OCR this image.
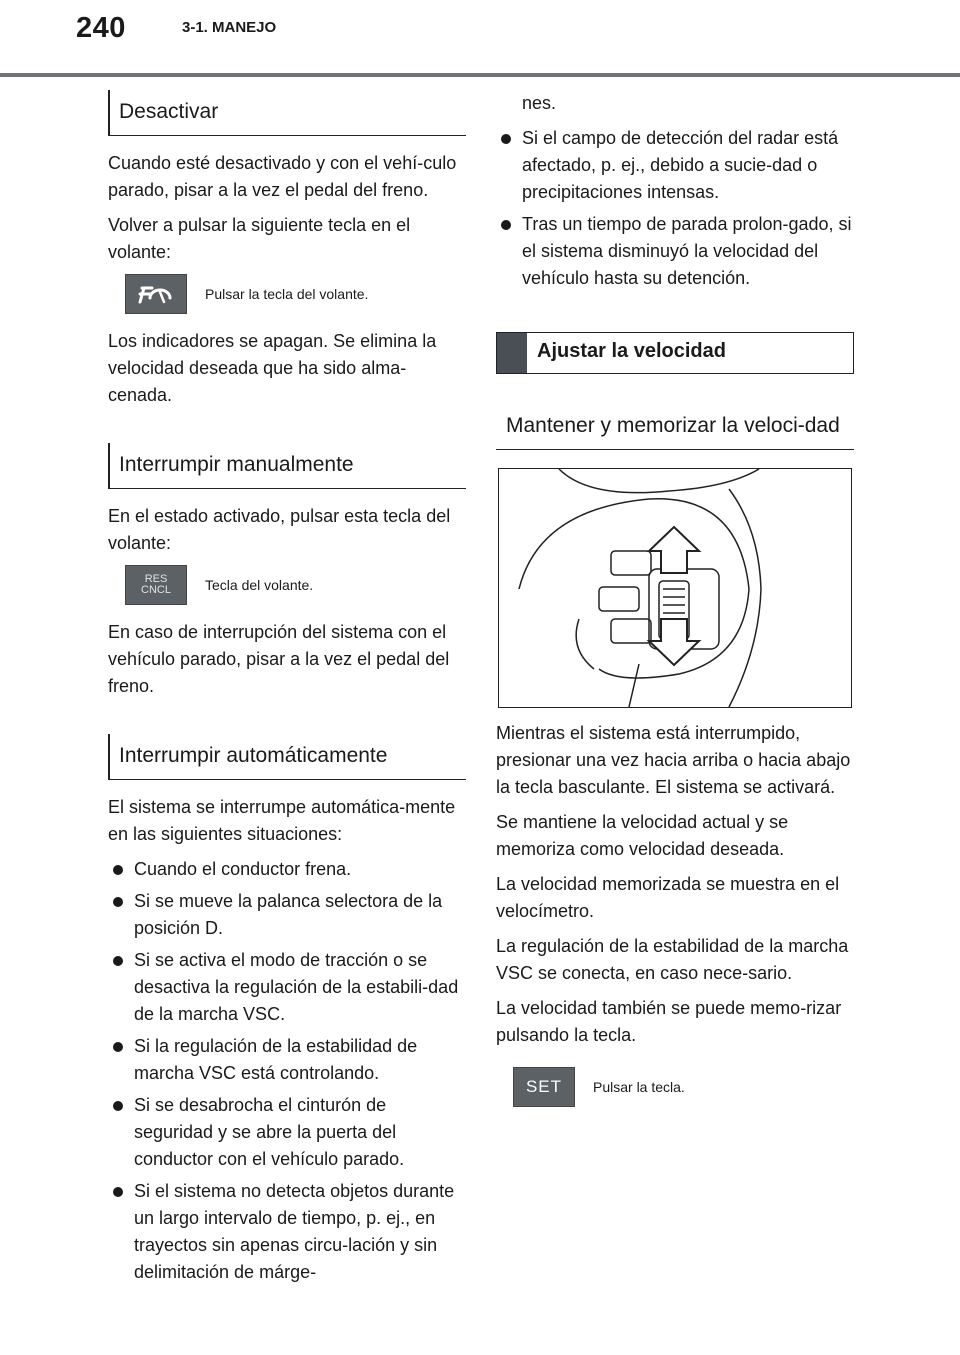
240	3-1. MANEJO
Desactivar

Cuando esté desactivado y con el vehí-culo parado, pisar a la vez el pedal del freno.

Volver a pulsar la siguiente tecla en el volante:

Pulsar la tecla del volante.

Los indicadores se apagan. Se elimina la velocidad deseada que ha sido alma-cenada.

Interrumpir manualmente

En el estado activado, pulsar esta tecla del volante:

RES
CNCL Tecla del volante.

En caso de interrupción del sistema con el vehículo parado, pisar a la vez el pedal del freno.

Interrumpir automáticamente

El sistema se interrumpe automática-mente en las siguientes situaciones:

Cuando el conductor frena.
Si se mueve la palanca selectora de la posición D.
Si se activa el modo de tracción o se desactiva la regulación de la estabili-dad de la marcha VSC.
Si la regulación de la estabilidad de marcha VSC está controlando.
Si se desabrocha el cinturón de seguridad y se abre la puerta del conductor con el vehículo parado.
Si el sistema no detecta objetos durante un largo intervalo de tiempo, p. ej., en trayectos sin apenas circu-lación y sin delimitación de márge-

nes.

Si el campo de detección del radar está afectado, p. ej., debido a sucie-dad o precipitaciones intensas.
Tras un tiempo de parada prolon-gado, si el sistema disminuyó la velocidad del vehículo hasta su detención.
Ajustar la velocidad
Mantener y memorizar la veloci-dad

Mientras el sistema está interrumpido, presionar una vez hacia arriba o hacia abajo la tecla basculante. El sistema se activará.

Se mantiene la velocidad actual y se memoriza como velocidad deseada.

La velocidad memorizada se muestra en el velocímetro.

La regulación de la estabilidad de la marcha VSC se conecta, en caso nece-sario.

La velocidad también se puede memo-rizar pulsando la tecla.

SET	Pulsar la tecla.
